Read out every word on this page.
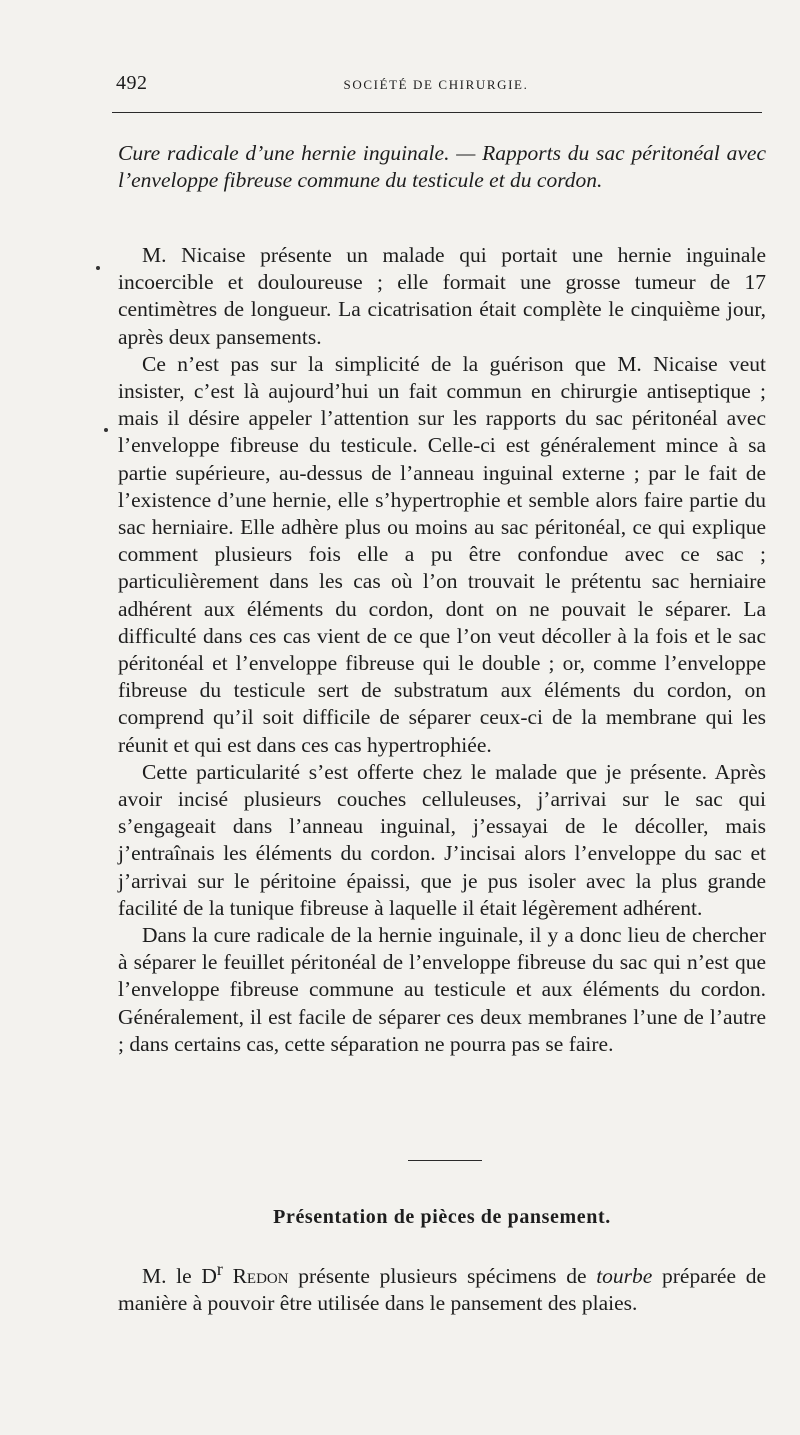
492	SOCIÉTÉ DE CHIRURGIE.
Cure radicale d’une hernie inguinale. — Rapports du sac péritonéal avec l’enveloppe fibreuse commune du testicule et du cordon.

M. Nicaise présente un malade qui portait une hernie inguinale incoercible et douloureuse ; elle formait une grosse tumeur de 17 centimètres de longueur. La cicatrisation était complète le cinquième jour, après deux pansements.

Ce n’est pas sur la simplicité de la guérison que M. Nicaise veut insister, c’est là aujourd’hui un fait commun en chirurgie antiseptique ; mais il désire appeler l’attention sur les rapports du sac péritonéal avec l’enveloppe fibreuse du testicule. Celle-ci est généralement mince à sa partie supérieure, au-dessus de l’anneau inguinal externe ; par le fait de l’existence d’une hernie, elle s’hypertrophie et semble alors faire partie du sac herniaire. Elle adhère plus ou moins au sac péritonéal, ce qui explique comment plusieurs fois elle a pu être confondue avec ce sac ; particulièrement dans les cas où l’on trouvait le prétentu sac herniaire adhérent aux éléments du cordon, dont on ne pouvait le séparer. La difficulté dans ces cas vient de ce que l’on veut décoller à la fois et le sac péritonéal et l’enveloppe fibreuse qui le double ; or, comme l’enveloppe fibreuse du testicule sert de substratum aux éléments du cordon, on comprend qu’il soit difficile de séparer ceux-ci de la membrane qui les réunit et qui est dans ces cas hypertrophiée.

Cette particularité s’est offerte chez le malade que je présente. Après avoir incisé plusieurs couches celluleuses, j’arrivai sur le sac qui s’engageait dans l’anneau inguinal, j’essayai de le décoller, mais j’entraînais les éléments du cordon. J’incisai alors l’enveloppe du sac et j’arrivai sur le péritoine épaissi, que je pus isoler avec la plus grande facilité de la tunique fibreuse à laquelle il était légèrement adhérent.

Dans la cure radicale de la hernie inguinale, il y a donc lieu de chercher à séparer le feuillet péritonéal de l’enveloppe fibreuse du sac qui n’est que l’enveloppe fibreuse commune au testicule et aux éléments du cordon. Généralement, il est facile de séparer ces deux membranes l’une de l’autre ; dans certains cas, cette séparation ne pourra pas se faire.

Présentation de pièces de pansement.

M. le $D^r$ Redon présente plusieurs spécimens de tourbe préparée de manière à pouvoir être utilisée dans le pansement des plaies.
